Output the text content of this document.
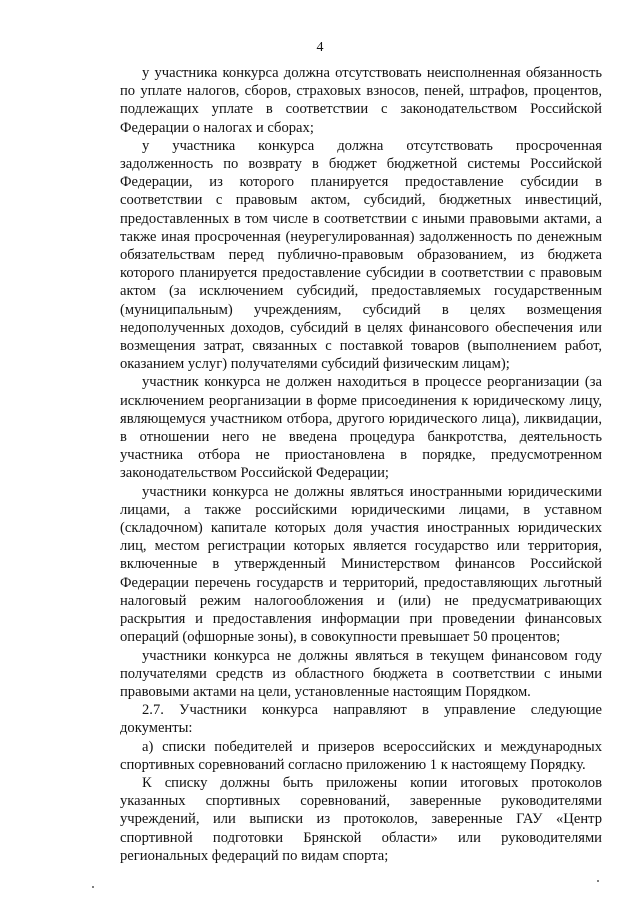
4

у участника конкурса должна отсутствовать неисполненная обязанность по уплате налогов, сборов, страховых взносов, пеней, штрафов, процентов, подлежащих уплате в соответствии с законодательством Российской Федерации о налогах и сборах;

у участника конкурса должна отсутствовать просроченная задолженность по возврату в бюджет бюджетной системы Российской Федерации, из которого планируется предоставление субсидии в соответствии с правовым актом, субсидий, бюджетных инвестиций, предоставленных в том числе в соответствии с иными правовыми актами, а также иная просроченная (неурегулированная) задолженность по денежным обязательствам перед публично-правовым образованием, из бюджета которого планируется предоставление субсидии в соответствии с правовым актом (за исключением субсидий, предоставляемых государственным (муниципальным) учреждениям, субсидий в целях возмещения недополученных доходов, субсидий в целях финансового обеспечения или возмещения затрат, связанных с поставкой товаров (выполнением работ, оказанием услуг) получателями субсидий физическим лицам);

участник конкурса не должен находиться в процессе реорганизации (за исключением реорганизации в форме присоединения к юридическому лицу, являющемуся участником отбора, другого юридического лица), ликвидации, в отношении него не введена процедура банкротства, деятельность участника отбора не приостановлена в порядке, предусмотренном законодательством Российской Федерации;

участники конкурса не должны являться иностранными юридическими лицами, а также российскими юридическими лицами, в уставном (складочном) капитале которых доля участия иностранных юридических лиц, местом регистрации которых является государство или территория, включенные в утвержденный Министерством финансов Российской Федерации перечень государств и территорий, предоставляющих льготный налоговый режим налогообложения и (или) не предусматривающих раскрытия и предоставления информации при проведении финансовых операций (офшорные зоны), в совокупности превышает 50 процентов;

участники конкурса не должны являться в текущем финансовом году получателями средств из областного бюджета в соответствии с иными правовыми актами на цели, установленные настоящим Порядком.

2.7. Участники конкурса направляют в управление следующие документы:

а) списки победителей и призеров всероссийских и международных спортивных соревнований согласно приложению 1 к настоящему Порядку.

К списку должны быть приложены копии итоговых протоколов указанных спортивных соревнований, заверенные руководителями учреждений, или выписки из протоколов, заверенные ГАУ «Центр спортивной подготовки Брянской области» или руководителями региональных федераций по видам спорта;
